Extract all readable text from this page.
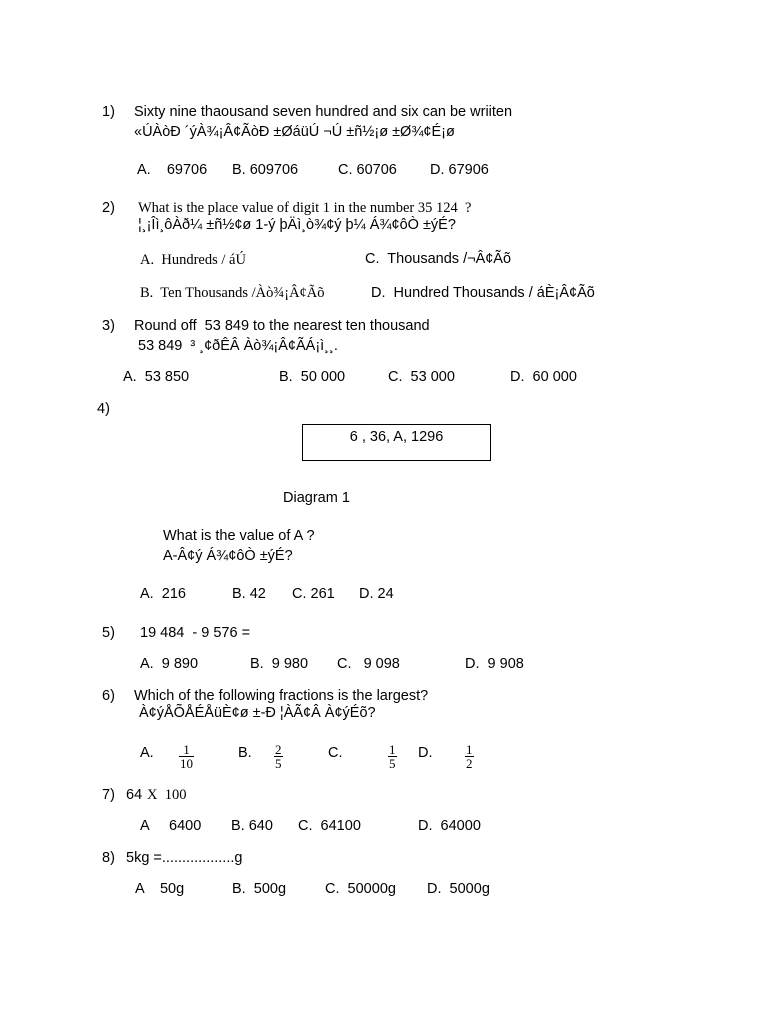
1) Sixty nine thaousand seven hundred and six can be wriiten
«ÚÀòÐ ´ýÀ¾¡Â¢ÃòÐ ±ØáüÚ ¬Ú ±ñ½¡ø ±Ø¾¢É¡ø
A.    69706 B. 609706	C. 60706 D. 67906
2) What is the place value of digit 1 in the number 35 124  ?
¦¸¡Îì¸ôÀð¼ ±ñ½¢ø 1-ý þÄì¸ò¾¢ý þ¼ Á¾¢ôÒ ±ýÉ?
A.  Hundreds / áÚ	C.  Thousands /¬Â¢Ãõ
B.  Ten Thousands /Àò¾¡Â¢Ãõ	D.  Hundred Thousands / áÈ¡Â¢Ãõ
3) Round off  53 849 to the nearest ten thousand
53 849  ³ ¸¢ðÊÂ Àò¾¡Â¢ÃÁ¡ì¸¸.
A.  53 850	B.  50 000	C.  53 000	D.  60 000
4)
6 , 36, A, 1296
Diagram 1
What is the value of A ?
A-Â¢ý Á¾¢ôÒ ±ýÉ?
A.  216	B. 42 C. 261 D. 24
5) 19 484  - 9 576 =
A.  9 890	B.  9 980 C.   9 098	D.  9 908
6) Which of the following fractions is the largest?
À¢ýÅÕÅÉÅüÈ¢ø ±-Ð ¦ÀÃ¢Â À¢ýÉõ?
A. $\frac{1}{10}$	B. $\frac{2}{5}$	C.	$\frac{1}{5} D$.	$\frac{1}{2}$
7) 64 X  100
A     6400 B. 640 C.  64100	D.  64000
8) 5kg =..................g
A    50g	B.  500g	C.  50000g D.  5000g
